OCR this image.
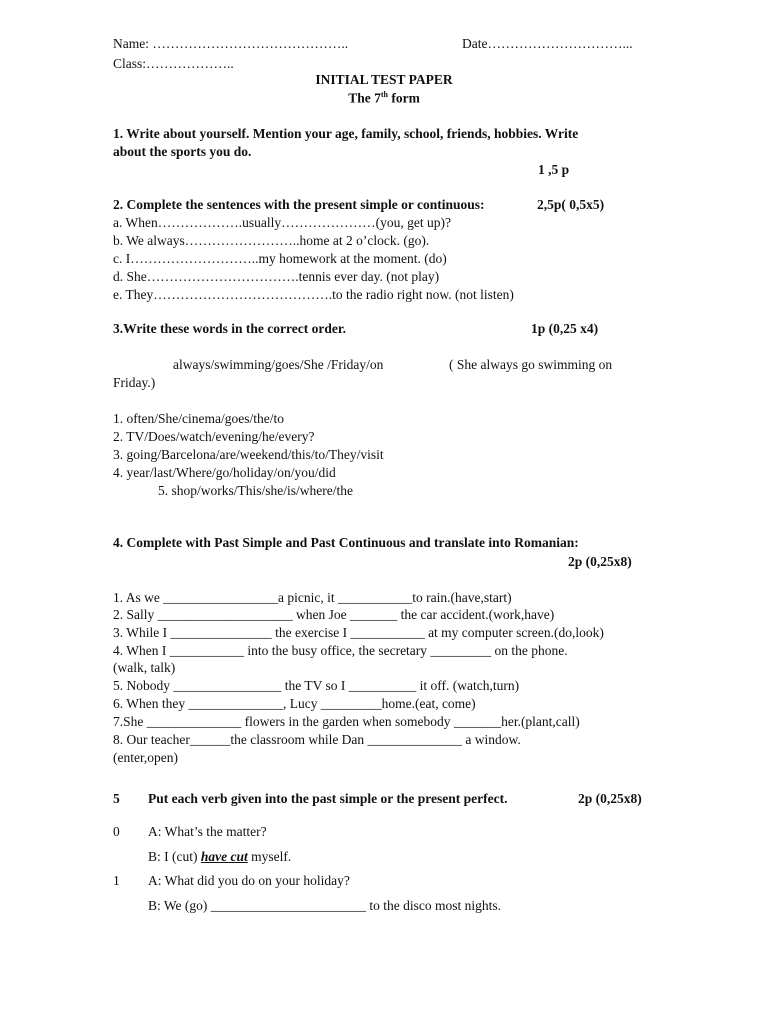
Name: ……………………………………..	Date…………………………...
Class:………………..
INITIAL TEST PAPER
The 7th form
1. Write about yourself. Mention your age, family, school, friends, hobbies. Write
about the sports you do.
1 ,5 p
2. Complete the sentences with the present simple or continuous:	2,5p( 0,5x5)
a. When……………….usually…………………(you, get up)?
b. We always……………………..home at 2 o’clock. (go).
c. I………………………..my homework at the moment. (do)
d. She…………………………….tennis ever day. (not play)
e. They………………………………….to the radio right now. (not listen)
3.Write these words in the correct order.	1p (0,25 x4)
always/swimming/goes/She /Friday/on	( She always go swimming on
Friday.)
1. often/She/cinema/goes/the/to
2. TV/Does/watch/evening/he/every?
3. going/Barcelona/are/weekend/this/to/They/visit
4. year/last/Where/go/holiday/on/you/did
5. shop/works/This/she/is/where/the
4. Complete with Past Simple and Past Continuous and translate into Romanian:
2p (0,25x8)
1. As we _________________a picnic, it ___________to rain.(have,start)
2. Sally ____________________ when Joe _______ the car accident.(work,have)
3. While I _______________ the exercise I ___________ at my computer screen.(do,look)
4. When I ___________ into the busy office, the secretary _________ on the phone.
(walk, talk)
5. Nobody ________________ the TV so I __________ it off. (watch,turn)
6. When they ______________, Lucy _________home.(eat, come)
7.She ______________ flowers in the garden when somebody _______her.(plant,call)
8. Our teacher______the classroom while Dan ______________ a window.
(enter,open)
5 Put each verb given into the past simple or the present perfect.	2p (0,25x8)
0 A: What’s the matter?
B: I (cut) have cut myself.
1 A: What did you do on your holiday?
B: We (go) _______________________ to the disco most nights.
